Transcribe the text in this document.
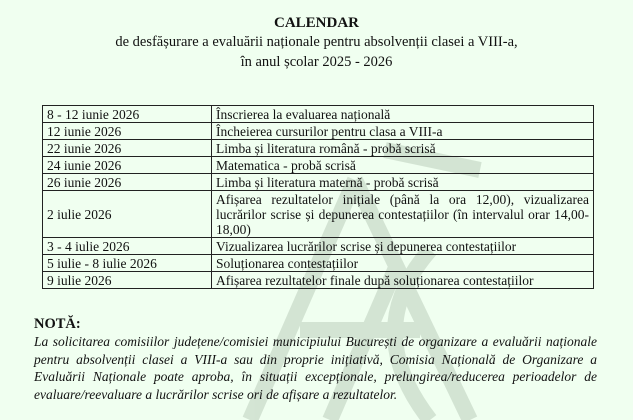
CALENDAR
de desfășurare a evaluării naționale pentru absolvenții clasei a VIII-a,
în anul școlar 2025 - 2026
8 - 12 iunie 2026	Înscrierea la evaluarea națională
12 iunie 2026	Încheierea cursurilor pentru clasa a VIII-a
22 iunie 2026	Limba și literatura română - probă scrisă
24 iunie 2026	Matematica - probă scrisă
26 iunie 2026	Limba și literatura maternă - probă scrisă
2 iulie 2026	Afișarea rezultatelor inițiale (până la ora 12,00), vizualizarea lucrărilor scrise și depunerea contestațiilor (în intervalul orar 14,00-18,00)
3 - 4 iulie 2026	Vizualizarea lucrărilor scrise și depunerea contestațiilor
5 iulie - 8 iulie 2026	Soluționarea contestațiilor
9 iulie 2026	Afișarea rezultatelor finale după soluționarea contestațiilor
NOTĂ:
La solicitarea comisiilor județene/comisiei municipiului București de organizare a evaluării naționale pentru absolvenții clasei a VIII-a sau din proprie inițiativă, Comisia Națională de Organizare a Evaluării Naționale poate aproba, în situații excepționale, prelungirea/reducerea perioadelor de evaluare/reevaluare a lucrărilor scrise ori de afișare a rezultatelor.
